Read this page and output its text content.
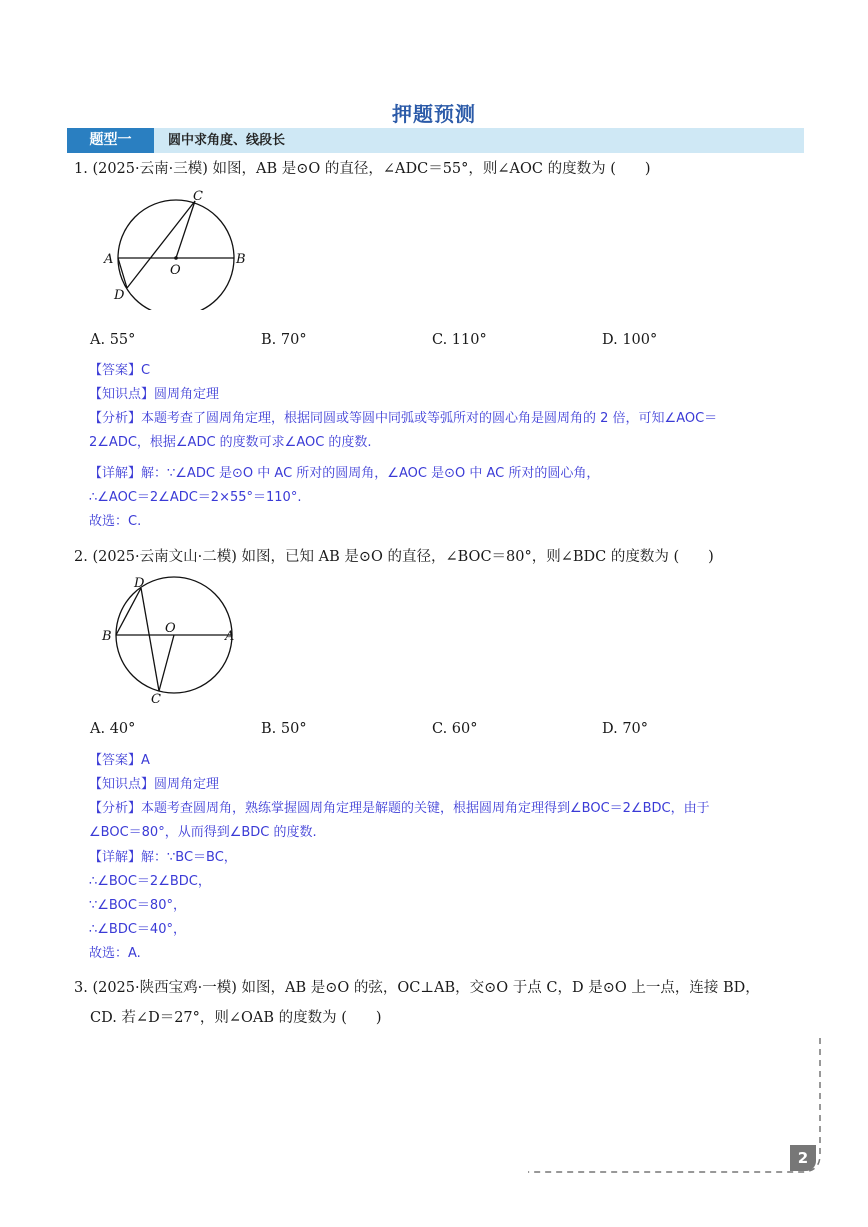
押题预测
题型一	圆中求角度、线段长
1. (2025·云南·三模) 如图，AB 是⊙O 的直径，∠ADC＝55°，则∠AOC 的度数为 (　　)
C
A
O
B
D
A. 55°	B. 70°	C. 110°	D. 100°
【答案】C
【知识点】圆周角定理
【分析】本题考查了圆周角定理，根据同圆或等圆中同弧或等弧所对的圆心角是圆周角的 2 倍，可知∠AOC＝
2∠ADC，根据∠ADC 的度数可求∠AOC 的度数.
【详解】解：∵∠ADC 是⊙O 中 AC 所对的圆周角，∠AOC 是⊙O 中 AC 所对的圆心角，
∴∠AOC＝2∠ADC＝2×55°＝110°.
故选：C.
2. (2025·云南文山·二模) 如图，已知 AB 是⊙O 的直径，∠BOC＝80°，则∠BDC 的度数为 (　　)
D
B
O
A
C
A. 40°	B. 50°	C. 60°	D. 70°
【答案】A
【知识点】圆周角定理
【分析】本题考查圆周角，熟练掌握圆周角定理是解题的关键，根据圆周角定理得到∠BOC＝2∠BDC，由于
∠BOC＝80°，从而得到∠BDC 的度数.
【详解】解：∵BC＝BC，
∴∠BOC＝2∠BDC，
∵∠BOC＝80°，
∴∠BDC＝40°，
故选：A.
3. (2025·陕西宝鸡·一模) 如图，AB 是⊙O 的弦，OC⊥AB，交⊙O 于点 C，D 是⊙O 上一点，连接 BD，
CD. 若∠D＝27°，则∠OAB 的度数为 (　　)
2
